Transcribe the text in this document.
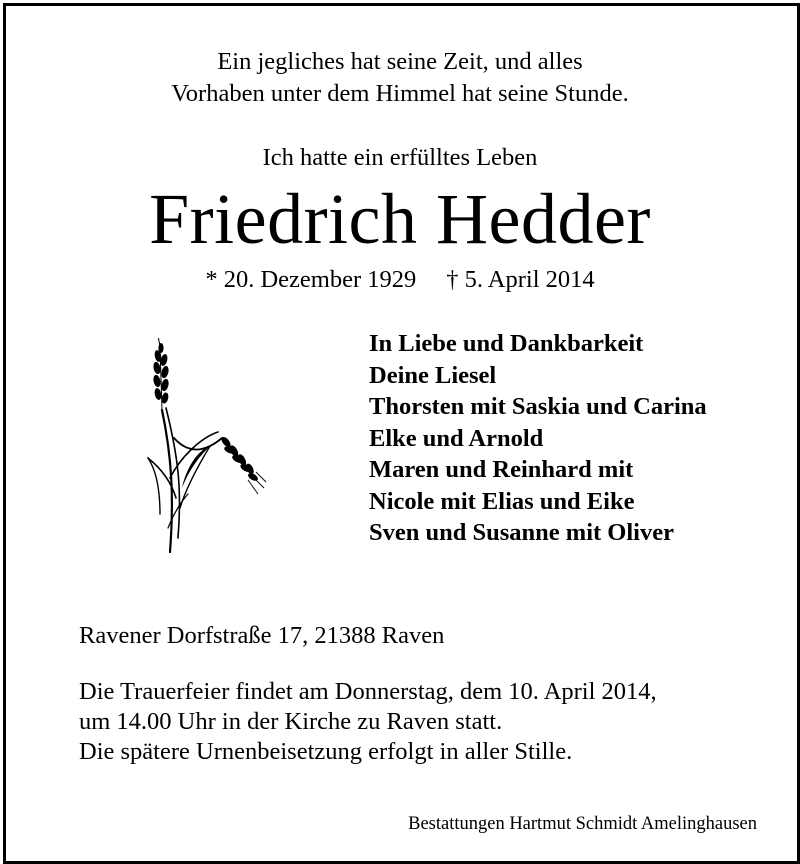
Ein jegliches hat seine Zeit, und alles
Vorhaben unter dem Himmel hat seine Stunde.
Ich hatte ein erfülltes Leben
Friedrich Hedder
* 20. Dezember 1929 † 5. April 2014
In Liebe und Dankbarkeit
Deine Liesel
Thorsten mit Saskia und Carina
Elke und Arnold
Maren und Reinhard mit
Nicole mit Elias und Eike
Sven und Susanne mit Oliver
Ravener Dorfstraße 17, 21388 Raven
Die Trauerfeier findet am Donnerstag, dem 10. April 2014,
um 14.00 Uhr in der Kirche zu Raven statt.
Die spätere Urnenbeisetzung erfolgt in aller Stille.
Bestattungen Hartmut Schmidt Amelinghausen
